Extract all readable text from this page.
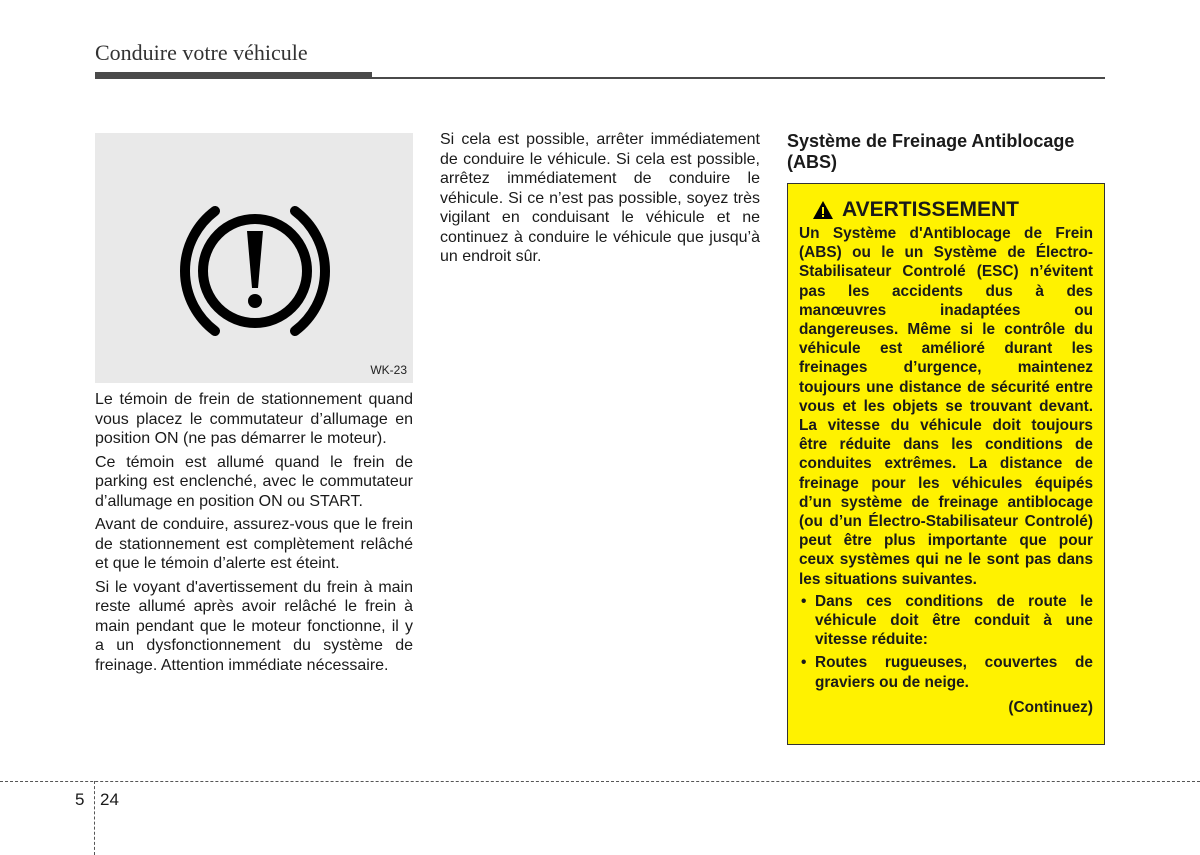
Conduire votre véhicule
WK-23

Le témoin de frein de stationnement quand vous placez le commutateur d’allumage en position ON (ne pas démarrer le moteur).

Ce témoin est allumé quand le frein de parking est enclenché, avec le commutateur d’allumage en position ON ou START.

Avant de conduire, assurez-vous que le frein de stationnement est complètement relâché et que le témoin d’alerte est éteint.

Si le voyant d'avertissement du frein à main reste allumé après avoir relâché le frein à main pendant que le moteur fonctionne, il y a un dysfonctionnement du système de freinage. Attention immédiate nécessaire.

Si cela est possible, arrêter immédiatement de conduire le véhicule. Si cela est possible, arrêtez immédiatement de conduire le véhicule. Si ce n’est pas possible, soyez très vigilant en conduisant le véhicule et ne continuez à conduire le véhicule que jusqu’à un endroit sûr.

Système de Freinage Antiblocage (ABS)
AVERTISSEMENT

Un Système d'Antiblocage de Frein (ABS) ou le un Système de Électro-Stabilisateur Controlé (ESC) n’évitent pas les accidents dus à des manœuvres inadaptées ou dangereuses. Même si le contrôle du véhicule est amélioré durant les freinages d’urgence, maintenez toujours une distance de sécurité entre vous et les objets se trouvant devant. La vitesse du véhicule doit toujours être réduite dans les conditions de conduites extrêmes. La distance de freinage pour les véhicules équipés d’un système de freinage antiblocage (ou d’un Électro-Stabilisateur Controlé) peut être plus importante que pour ceux systèmes qui ne le sont pas dans les situations suivantes.

• Dans ces conditions de route le véhicule doit être conduit à une vitesse réduite:
• Routes rugueuses, couvertes de graviers ou de neige.
(Continuez)
5 24
